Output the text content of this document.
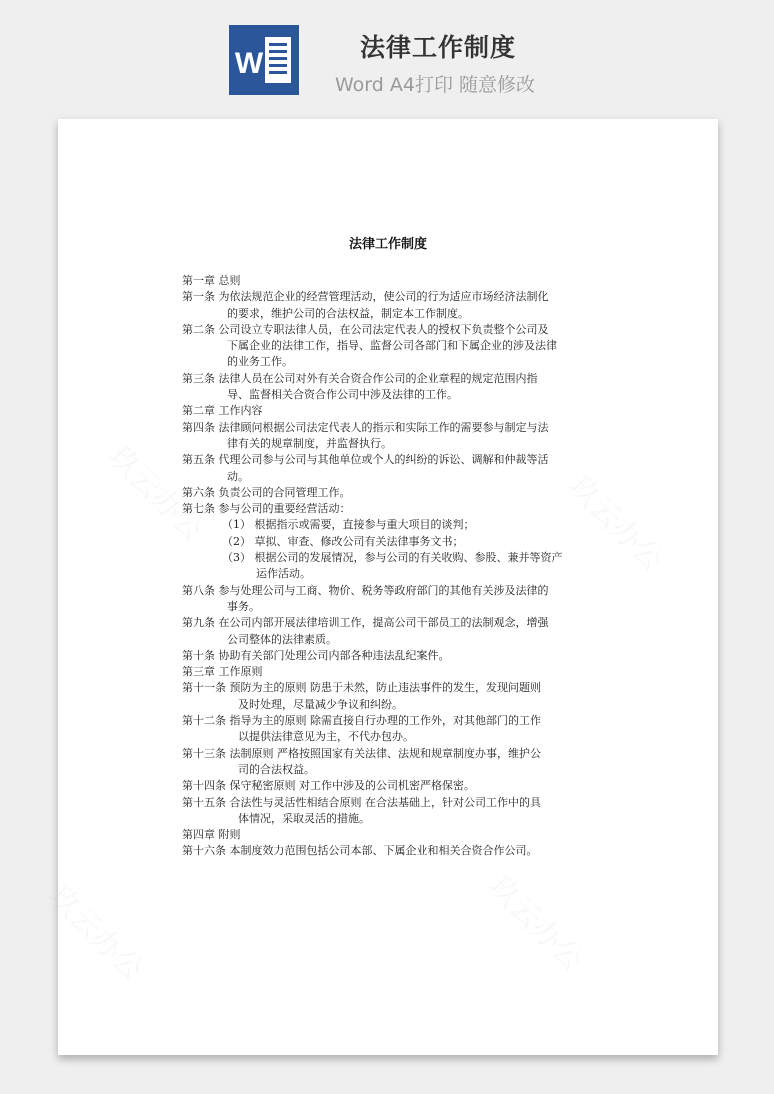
W	法律工作制度
Word A4打印 随意修改
玖云办公	玖云办公
玖云办公	玖云办公
法律工作制度
第一章 总则
第一条 为依法规范企业的经营管理活动，使公司的行为适应市场经济法制化
的要求，维护公司的合法权益，制定本工作制度。
第二条 公司设立专职法律人员，在公司法定代表人的授权下负责整个公司及
下属企业的法律工作，指导、监督公司各部门和下属企业的涉及法律
的业务工作。
第三条 法律人员在公司对外有关合资合作公司的企业章程的规定范围内指
导、监督相关合资合作公司中涉及法律的工作。
第二章 工作内容
第四条 法律顾问根据公司法定代表人的指示和实际工作的需要参与制定与法
律有关的规章制度，并监督执行。
第五条 代理公司参与公司与其他单位或个人的纠纷的诉讼、调解和仲裁等活
动。
第六条 负责公司的合同管理工作。
第七条 参与公司的重要经营活动：
（1） 根据指示或需要，直接参与重大项目的谈判；
（2） 草拟、审查、修改公司有关法律事务文书；
（3） 根据公司的发展情况，参与公司的有关收购、参股、兼并等资产
运作活动。
第八条 参与处理公司与工商、物价、税务等政府部门的其他有关涉及法律的
事务。
第九条 在公司内部开展法律培训工作，提高公司干部员工的法制观念，增强
公司整体的法律素质。
第十条 协助有关部门处理公司内部各种违法乱纪案件。
第三章 工作原则
第十一条 预防为主的原则 防患于未然，防止违法事件的发生，发现问题则
及时处理，尽量减少争议和纠纷。
第十二条 指导为主的原则 除需直接自行办理的工作外，对其他部门的工作
以提供法律意见为主，不代办包办。
第十三条 法制原则 严格按照国家有关法律、法规和规章制度办事，维护公
司的合法权益。
第十四条 保守秘密原则 对工作中涉及的公司机密严格保密。
第十五条 合法性与灵活性相结合原则 在合法基础上，针对公司工作中的具
体情况，采取灵活的措施。
第四章 附则
第十六条 本制度效力范围包括公司本部、下属企业和相关合资合作公司。
